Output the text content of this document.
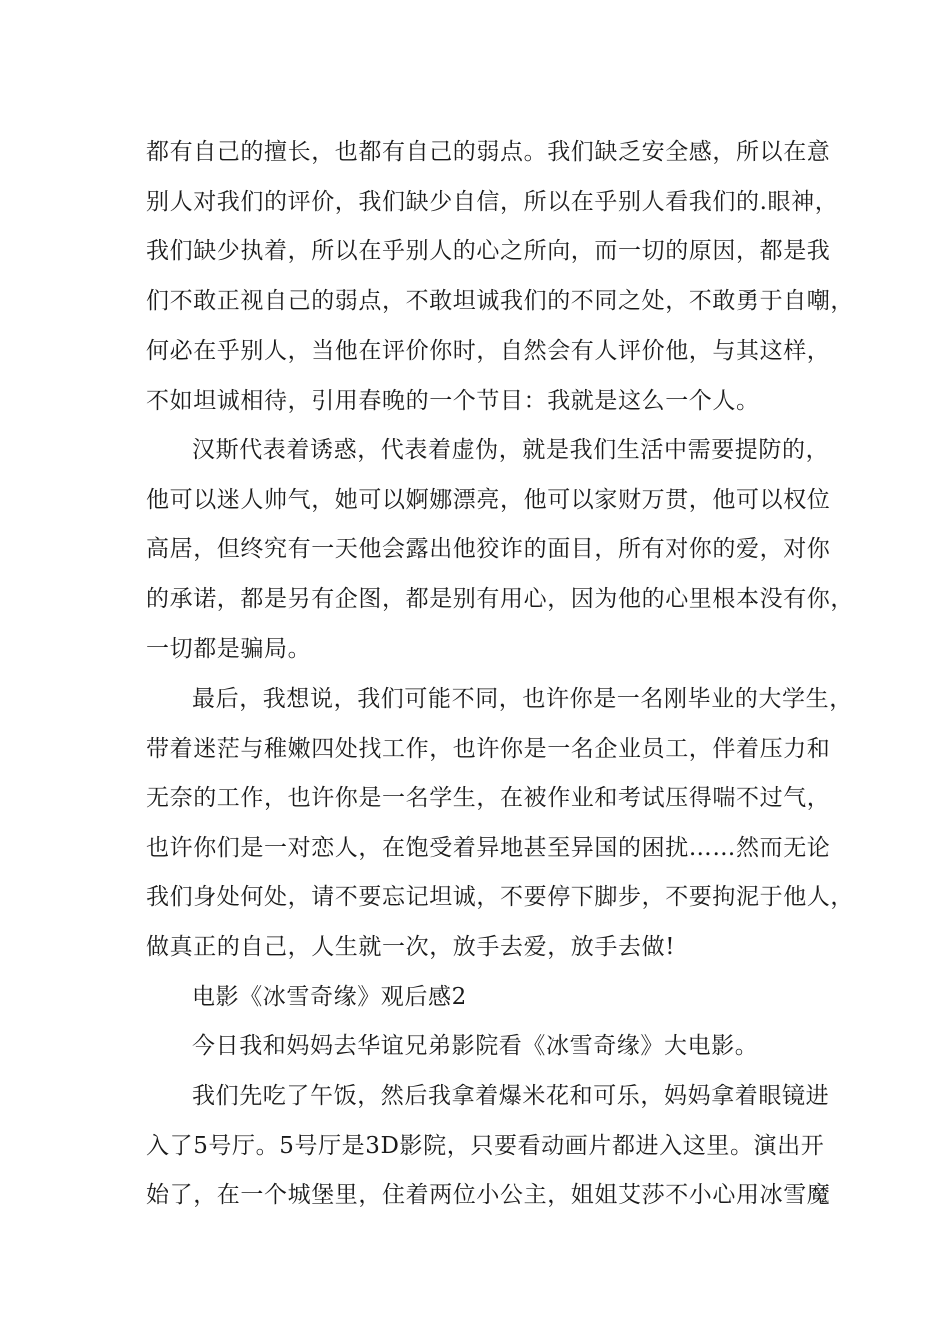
都有自己的擅长，也都有自己的弱点。我们缺乏安全感，所以在意
别人对我们的评价，我们缺少自信，所以在乎别人看我们的.眼神，
我们缺少执着，所以在乎别人的心之所向，而一切的原因，都是我
们不敢正视自己的弱点，不敢坦诚我们的不同之处，不敢勇于自嘲，
何必在乎别人，当他在评价你时，自然会有人评价他，与其这样，
不如坦诚相待，引用春晚的一个节目：我就是这么一个人。
汉斯代表着诱惑，代表着虚伪，就是我们生活中需要提防的，
他可以迷人帅气，她可以婀娜漂亮，他可以家财万贯，他可以权位
高居，但终究有一天他会露出他狡诈的面目，所有对你的爱，对你
的承诺，都是另有企图，都是别有用心，因为他的心里根本没有你，
一切都是骗局。
最后，我想说，我们可能不同，也许你是一名刚毕业的大学生，
带着迷茫与稚嫩四处找工作，也许你是一名企业员工，伴着压力和
无奈的工作，也许你是一名学生，在被作业和考试压得喘不过气，
也许你们是一对恋人，在饱受着异地甚至异国的困扰……然而无论
我们身处何处，请不要忘记坦诚，不要停下脚步，不要拘泥于他人，
做真正的自己，人生就一次，放手去爱，放手去做!
电影《冰雪奇缘》观后感2
今日我和妈妈去华谊兄弟影院看《冰雪奇缘》大电影。
我们先吃了午饭，然后我拿着爆米花和可乐，妈妈拿着眼镜进
入了5号厅。5号厅是3D影院，只要看动画片都进入这里。演出开
始了，在一个城堡里，住着两位小公主，姐姐艾莎不小心用冰雪魔
